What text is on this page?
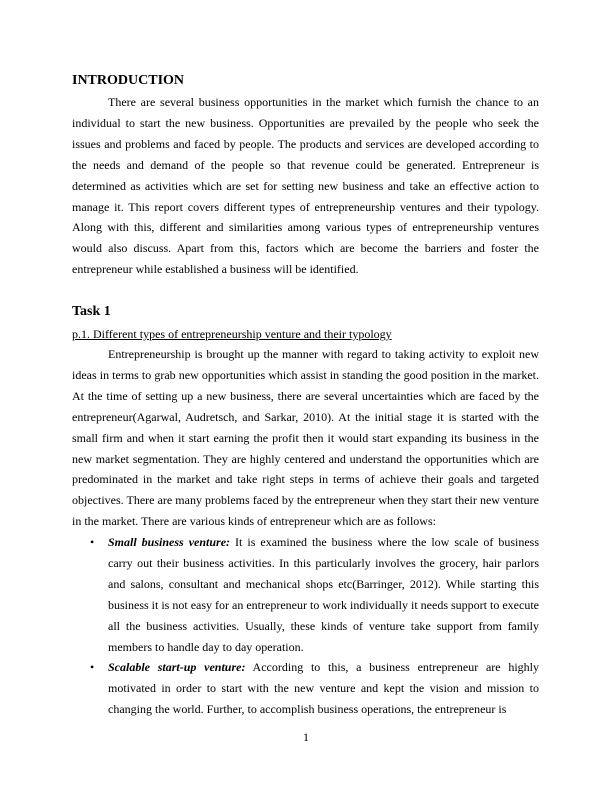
INTRODUCTION

There are several business opportunities in the market which furnish the chance to an individual to start the new business. Opportunities are prevailed by the people who seek the issues and problems and faced by people. The products and services are developed according to the needs and demand of the people so that revenue could be generated. Entrepreneur is determined as activities which are set for setting new business and take an effective action to manage it. This report covers different types of entrepreneurship ventures and their typology. Along with this, different and similarities among various types of entrepreneurship ventures would also discuss. Apart from this, factors which are become the barriers and foster the entrepreneur while established a business will be identified.

Task 1
p.1. Different types of entrepreneurship venture and their typology

Entrepreneurship is brought up the manner with regard to taking activity to exploit new ideas in terms to grab new opportunities which assist in standing the good position in the market. At the time of setting up a new business, there are several uncertainties which are faced by the entrepreneur(Agarwal, Audretsch, and Sarkar, 2010). At the initial stage it is started with the small firm and when it start earning the profit then it would start expanding its business in the new market segmentation. They are highly centered and understand the opportunities which are predominated in the market and take right steps in terms of achieve their goals and targeted objectives. There are many problems faced by the entrepreneur when they start their new venture in the market. There are various kinds of entrepreneur which are as follows:

• Small business venture: It is examined the business where the low scale of business carry out their business activities. In this particularly involves the grocery, hair parlors and salons, consultant and mechanical shops etc(Barringer, 2012). While starting this business it is not easy for an entrepreneur to work individually it needs support to execute all the business activities. Usually, these kinds of venture take support from family members to handle day to day operation.
• Scalable start-up venture: According to this, a business entrepreneur are highly motivated in order to start with the new venture and kept the vision and mission to changing the world. Further, to accomplish business operations, the entrepreneur is
1
